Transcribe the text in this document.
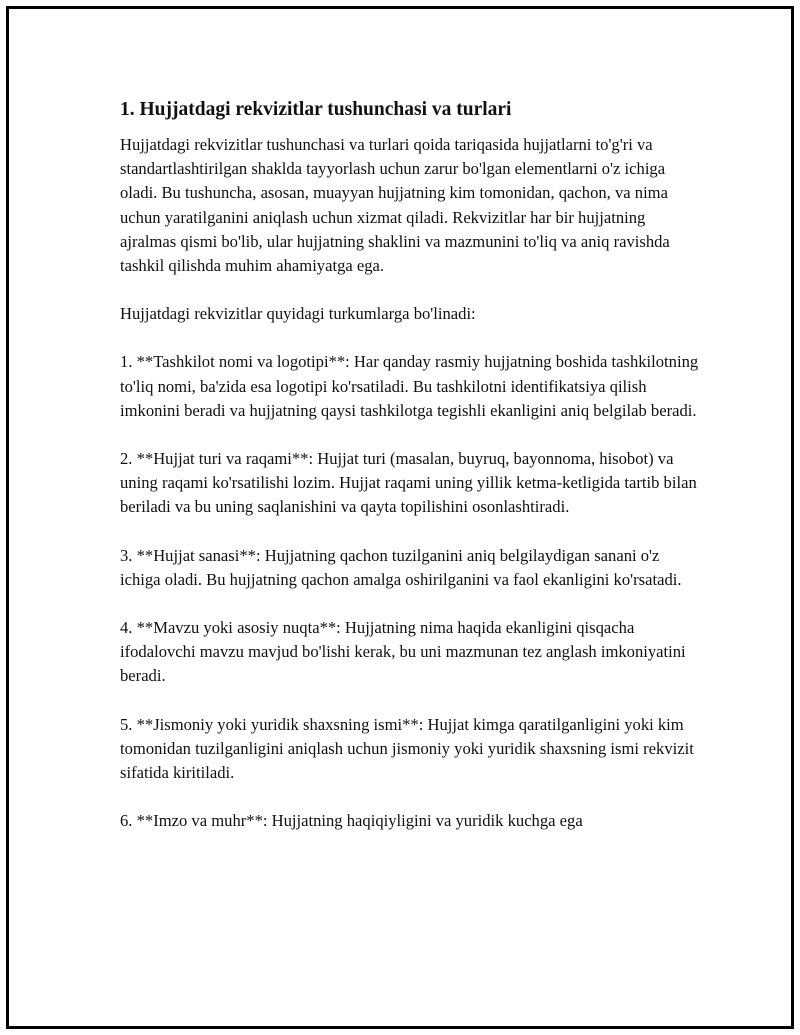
1. Hujjatdagi rekvizitlar tushunchasi va turlari

Hujjatdagi rekvizitlar tushunchasi va turlari qoida tariqasida hujjatlarni to'g'ri va standartlashtirilgan shaklda tayyorlash uchun zarur bo'lgan elementlarni o'z ichiga oladi. Bu tushuncha, asosan, muayyan hujjatning kim tomonidan, qachon, va nima uchun yaratilganini aniqlash uchun xizmat qiladi. Rekvizitlar har bir hujjatning ajralmas qismi bo'lib, ular hujjatning shaklini va mazmunini to'liq va aniq ravishda tashkil qilishda muhim ahamiyatga ega.

Hujjatdagi rekvizitlar quyidagi turkumlarga bo'linadi:

1. **Tashkilot nomi va logotipi**: Har qanday rasmiy hujjatning boshida tashkilotning to'liq nomi, ba'zida esa logotipi ko'rsatiladi. Bu tashkilotni identifikatsiya qilish imkonini beradi va hujjatning qaysi tashkilotga tegishli ekanligini aniq belgilab beradi.

2. **Hujjat turi va raqami**: Hujjat turi (masalan, buyruq, bayonnoma, hisobot) va uning raqami ko'rsatilishi lozim. Hujjat raqami uning yillik ketma-ketligida tartib bilan beriladi va bu uning saqlanishini va qayta topilishini osonlashtiradi.

3. **Hujjat sanasi**: Hujjatning qachon tuzilganini aniq belgilaydigan sanani o'z ichiga oladi. Bu hujjatning qachon amalga oshirilganini va faol ekanligini ko'rsatadi.

4. **Mavzu yoki asosiy nuqta**: Hujjatning nima haqida ekanligini qisqacha ifodalovchi mavzu mavjud bo'lishi kerak, bu uni mazmunan tez anglash imkoniyatini beradi.

5. **Jismoniy yoki yuridik shaxsning ismi**: Hujjat kimga qaratilganligini yoki kim tomonidan tuzilganligini aniqlash uchun jismoniy yoki yuridik shaxsning ismi rekvizit sifatida kiritiladi.

6. **Imzo va muhr**: Hujjatning haqiqiyligini va yuridik kuchga ega
